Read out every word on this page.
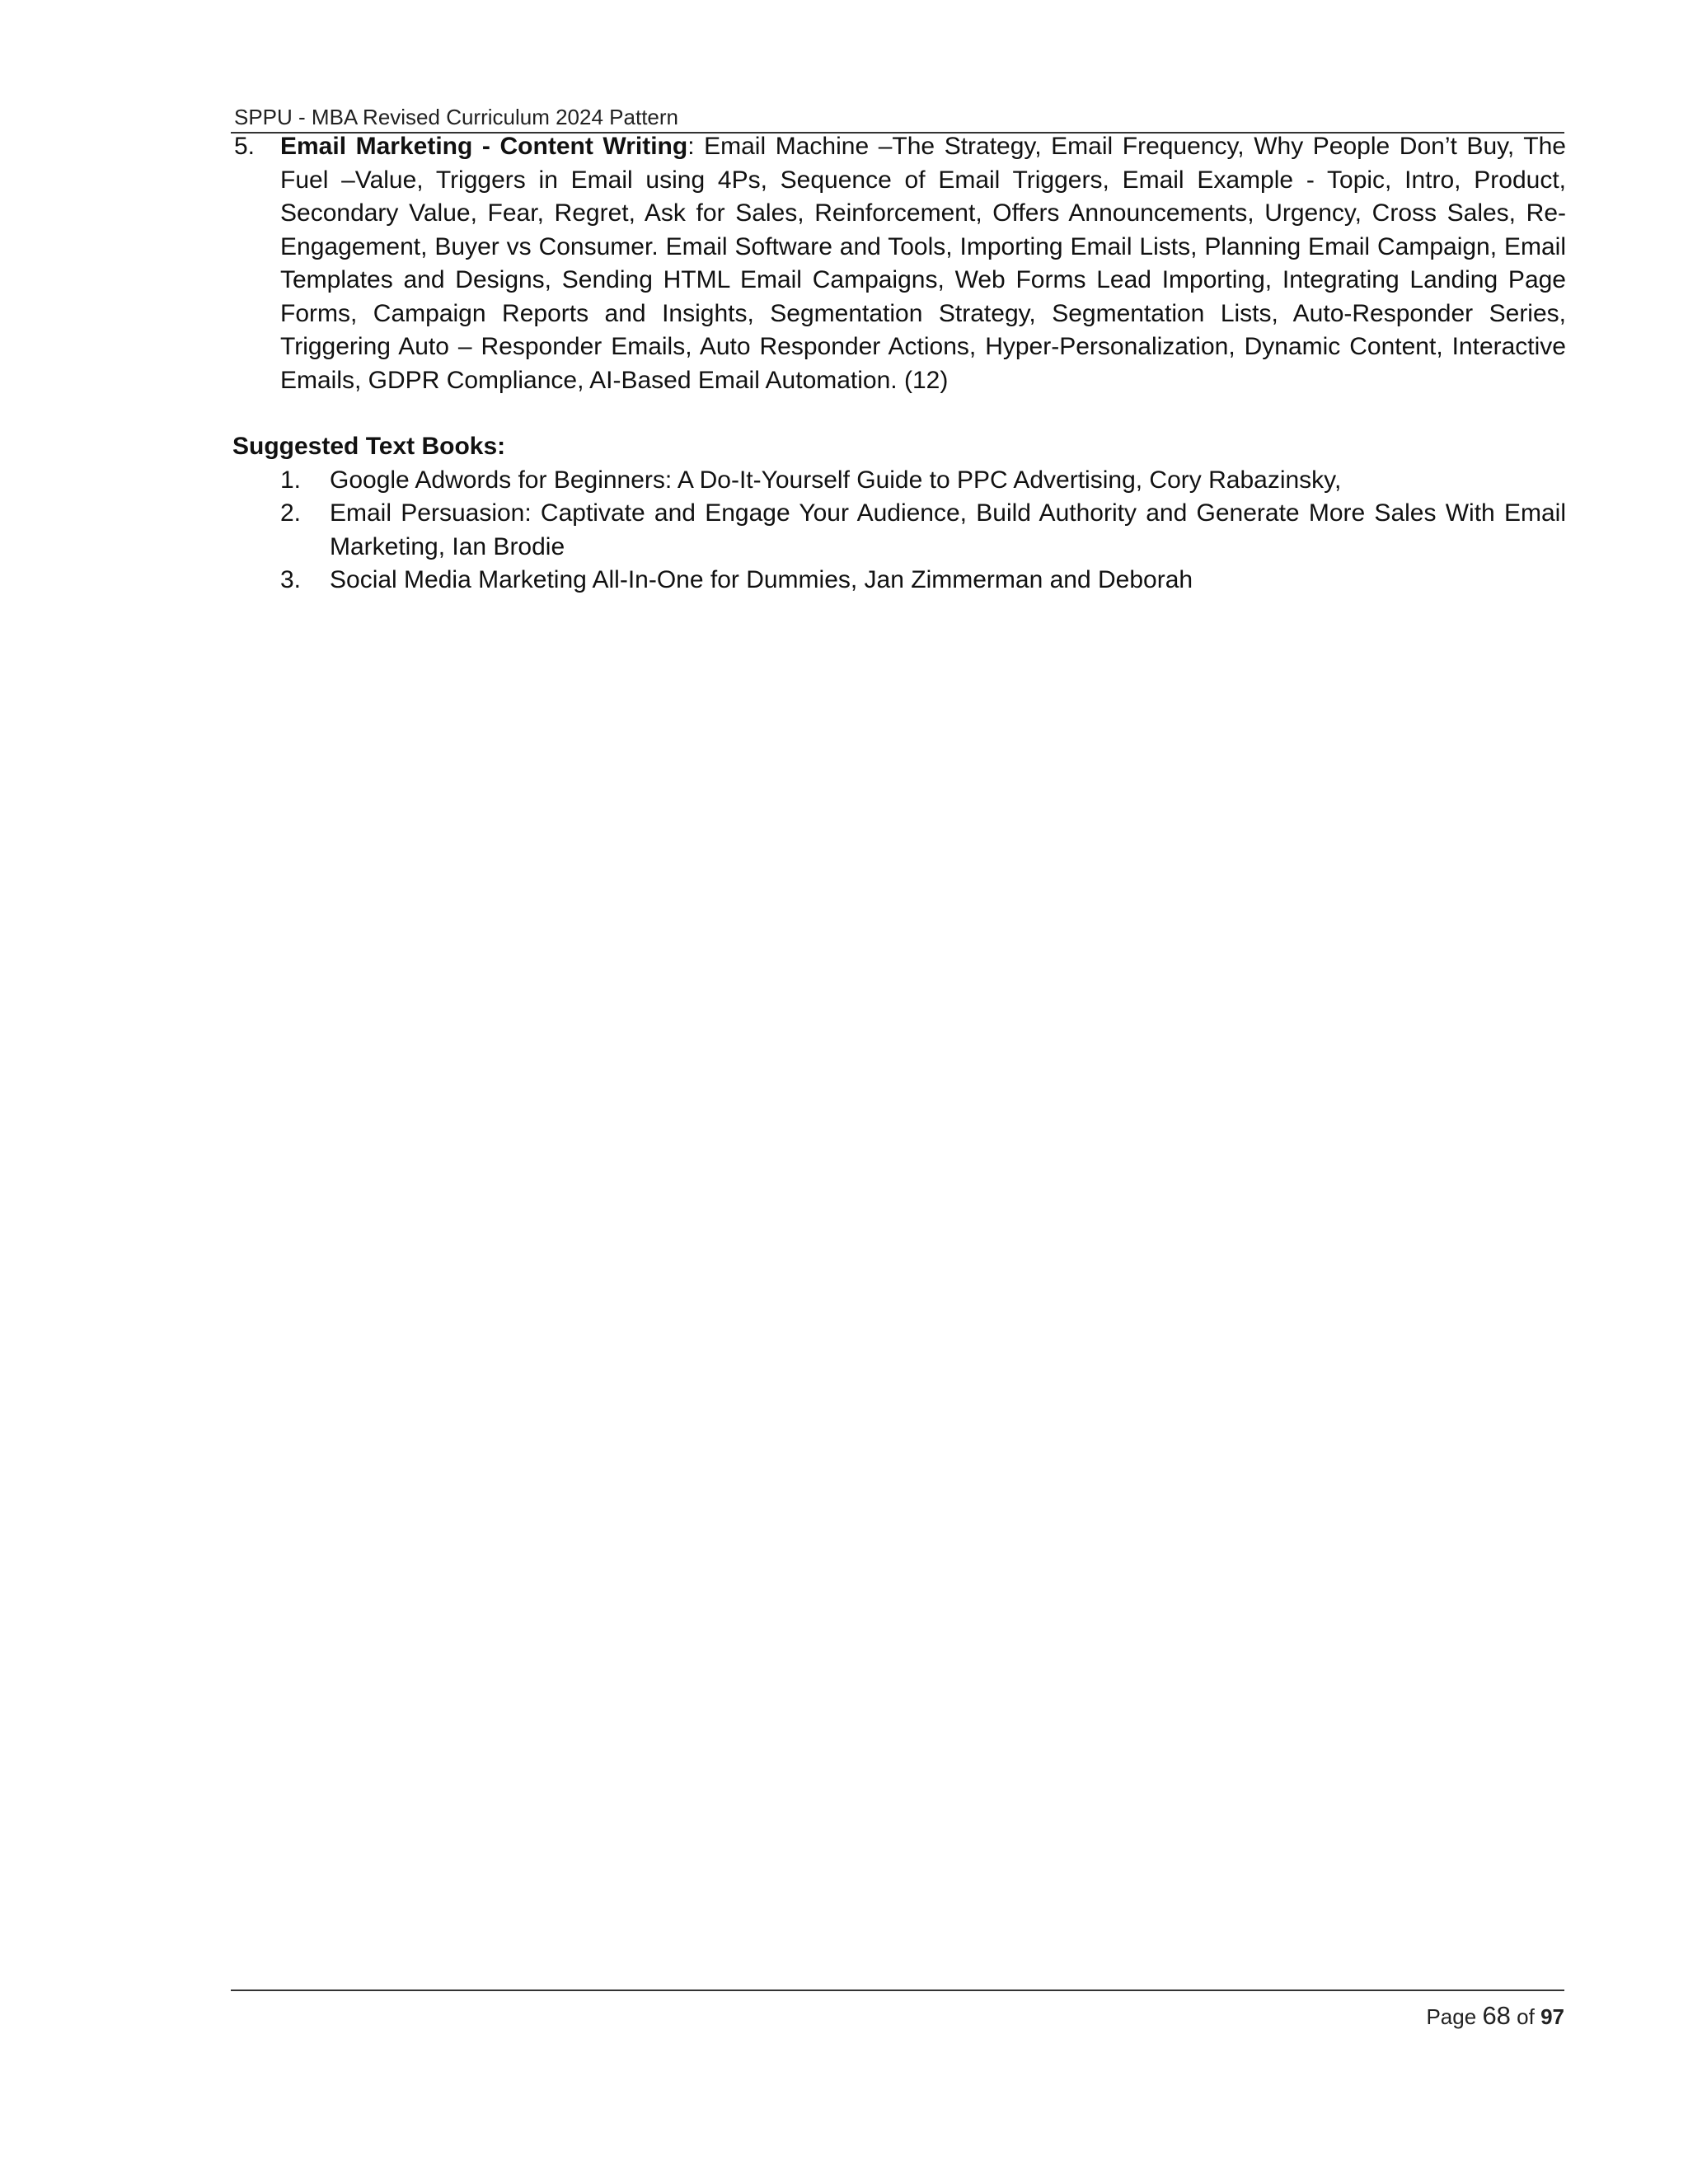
SPPU - MBA Revised Curriculum 2024 Pattern
5. Email Marketing - Content Writing: Email Machine –The Strategy, Email Frequency, Why People Don’t Buy, The Fuel –Value, Triggers in Email using 4Ps, Sequence of Email Triggers, Email Example - Topic, Intro, Product, Secondary Value, Fear, Regret, Ask for Sales, Reinforcement, Offers Announcements, Urgency, Cross Sales, Re-Engagement, Buyer vs Consumer. Email Software and Tools, Importing Email Lists, Planning Email Campaign, Email Templates and Designs, Sending HTML Email Campaigns, Web Forms Lead Importing, Integrating Landing Page Forms, Campaign Reports and Insights, Segmentation Strategy, Segmentation Lists, Auto-Responder Series, Triggering Auto – Responder Emails, Auto Responder Actions, Hyper-Personalization, Dynamic Content, Interactive Emails, GDPR Compliance, AI-Based Email Automation. (12)
Suggested Text Books:
1. Google Adwords for Beginners: A Do-It-Yourself Guide to PPC Advertising, Cory Rabazinsky,
2. Email Persuasion: Captivate and Engage Your Audience, Build Authority and Generate More Sales With Email Marketing, Ian Brodie
3. Social Media Marketing All-In-One for Dummies, Jan Zimmerman and Deborah
Page 68 of 97
